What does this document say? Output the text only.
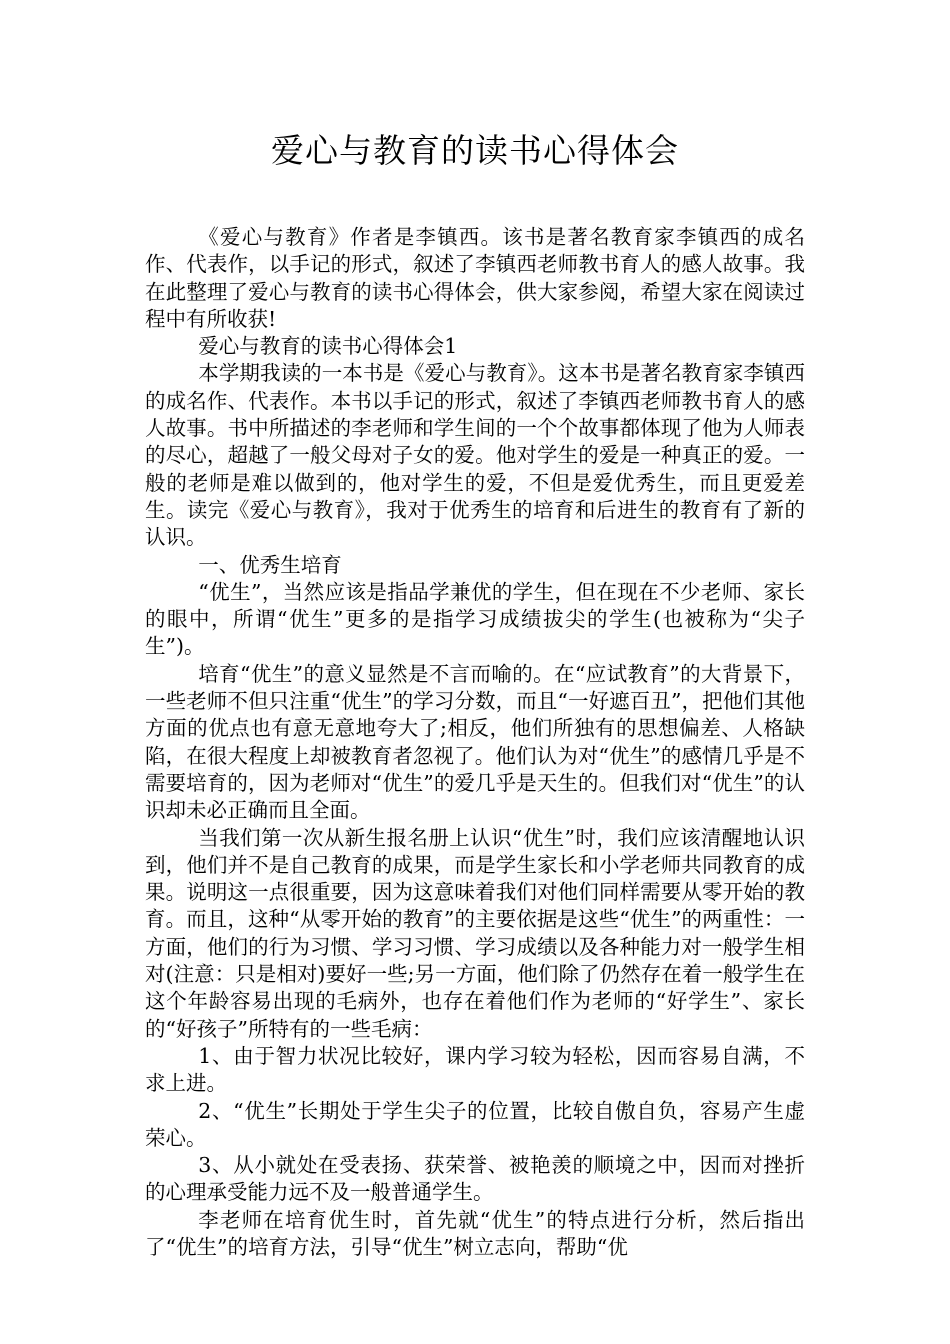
爱心与教育的读书心得体会

《爱心与教育》作者是李镇西。该书是著名教育家李镇西的成名作、代表作，以手记的形式，叙述了李镇西老师教书育人的感人故事。我在此整理了爱心与教育的读书心得体会，供大家参阅，希望大家在阅读过程中有所收获!

爱心与教育的读书心得体会1

本学期我读的一本书是《爱心与教育》。这本书是著名教育家李镇西的成名作、代表作。本书以手记的形式，叙述了李镇西老师教书育人的感人故事。书中所描述的李老师和学生间的一个个故事都体现了他为人师表的尽心，超越了一般父母对子女的爱。他对学生的爱是一种真正的爱。一般的老师是难以做到的，他对学生的爱，不但是爱优秀生，而且更爱差生。读完《爱心与教育》，我对于优秀生的培育和后进生的教育有了新的认识。

一、优秀生培育

“优生”，当然应该是指品学兼优的学生，但在现在不少老师、家长的眼中，所谓“优生”更多的是指学习成绩拔尖的学生(也被称为“尖子生”)。

培育“优生”的意义显然是不言而喻的。在“应试教育”的大背景下，一些老师不但只注重“优生”的学习分数，而且“一好遮百丑”，把他们其他方面的优点也有意无意地夸大了;相反，他们所独有的思想偏差、人格缺陷，在很大程度上却被教育者忽视了。他们认为对“优生”的感情几乎是不需要培育的，因为老师对“优生”的爱几乎是天生的。但我们对“优生”的认识却未必正确而且全面。

当我们第一次从新生报名册上认识“优生”时，我们应该清醒地认识到，他们并不是自己教育的成果，而是学生家长和小学老师共同教育的成果。说明这一点很重要，因为这意味着我们对他们同样需要从零开始的教育。而且，这种“从零开始的教育”的主要依据是这些“优生”的两重性：一方面，他们的行为习惯、学习习惯、学习成绩以及各种能力对一般学生相对(注意：只是相对)要好一些;另一方面，他们除了仍然存在着一般学生在这个年龄容易出现的毛病外，也存在着他们作为老师的“好学生”、家长的“好孩子”所特有的一些毛病：

1、由于智力状况比较好，课内学习较为轻松，因而容易自满，不求上进。

2、“优生”长期处于学生尖子的位置，比较自傲自负，容易产生虚荣心。

3、从小就处在受表扬、获荣誉、被艳羡的顺境之中，因而对挫折的心理承受能力远不及一般普通学生。

李老师在培育优生时，首先就“优生”的特点进行分析，然后指出了“优生”的培育方法，引导“优生”树立志向，帮助“优
